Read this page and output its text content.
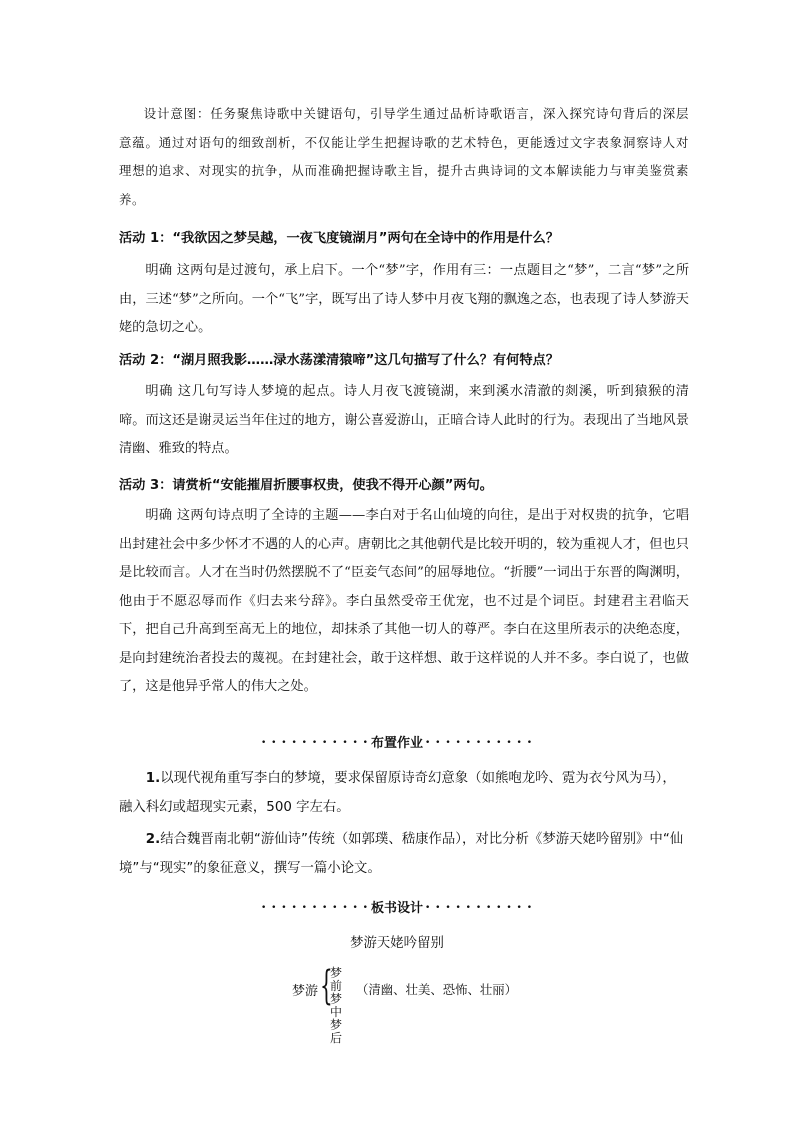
设计意图：任务聚焦诗歌中关键语句，引导学生通过品析诗歌语言，深入探究诗句背后的深层意蕴。通过对语句的细致剖析，不仅能让学生把握诗歌的艺术特色，更能透过文字表象洞察诗人对理想的追求、对现实的抗争，从而准确把握诗歌主旨，提升古典诗词的文本解读能力与审美鉴赏素养。
活动 1：“我欲因之梦吴越，一夜飞度镜湖月”两句在全诗中的作用是什么？
明确 这两句是过渡句，承上启下。一个“梦”字，作用有三：一点题目之“梦”，二言“梦”之所由，三述“梦”之所向。一个“飞”字，既写出了诗人梦中月夜飞翔的飘逸之态，也表现了诗人梦游天姥的急切之心。
活动 2：“湖月照我影……渌水荡漾清猿啼”这几句描写了什么？有何特点？
明确 这几句写诗人梦境的起点。诗人月夜飞渡镜湖，来到溪水清澈的剡溪，听到猿猴的清啼。而这还是谢灵运当年住过的地方，谢公喜爱游山，正暗合诗人此时的行为。表现出了当地风景清幽、雅致的特点。
活动 3：请赏析“安能摧眉折腰事权贵，使我不得开心颜”两句。
明确 这两句诗点明了全诗的主题——李白对于名山仙境的向往，是出于对权贵的抗争，它唱出封建社会中多少怀才不遇的人的心声。唐朝比之其他朝代是比较开明的，较为重视人才，但也只是比较而言。人才在当时仍然摆脱不了“臣妾气态间”的屈辱地位。“折腰”一词出于东晋的陶渊明，他由于不愿忍辱而作《归去来兮辞》。李白虽然受帝王优宠，也不过是个词臣。封建君主君临天下，把自己升高到至高无上的地位，却抹杀了其他一切人的尊严。李白在这里所表示的决绝态度，是向封建统治者投去的蔑视。在封建社会，敢于这样想、敢于这样说的人并不多。李白说了，也做了，这是他异乎常人的伟大之处。
• • • • • • • • • • • 布置作业 • • • • • • • • • • •
1.以现代视角重写李白的梦境，要求保留原诗奇幻意象（如熊咆龙吟、霓为衣兮风为马），融入科幻或超现实元素，500 字左右。
2.结合魏晋南北朝“游仙诗”传统（如郭璞、嵇康作品），对比分析《梦游天姥吟留别》中“仙境”与“现实”的象征意义，撰写一篇小论文。
• • • • • • • • • • • 板书设计 • • • • • • • • • • •
梦游天姥吟留别
梦游 {
梦前
梦中
梦后
（清幽、壮美、恐怖、壮丽）
